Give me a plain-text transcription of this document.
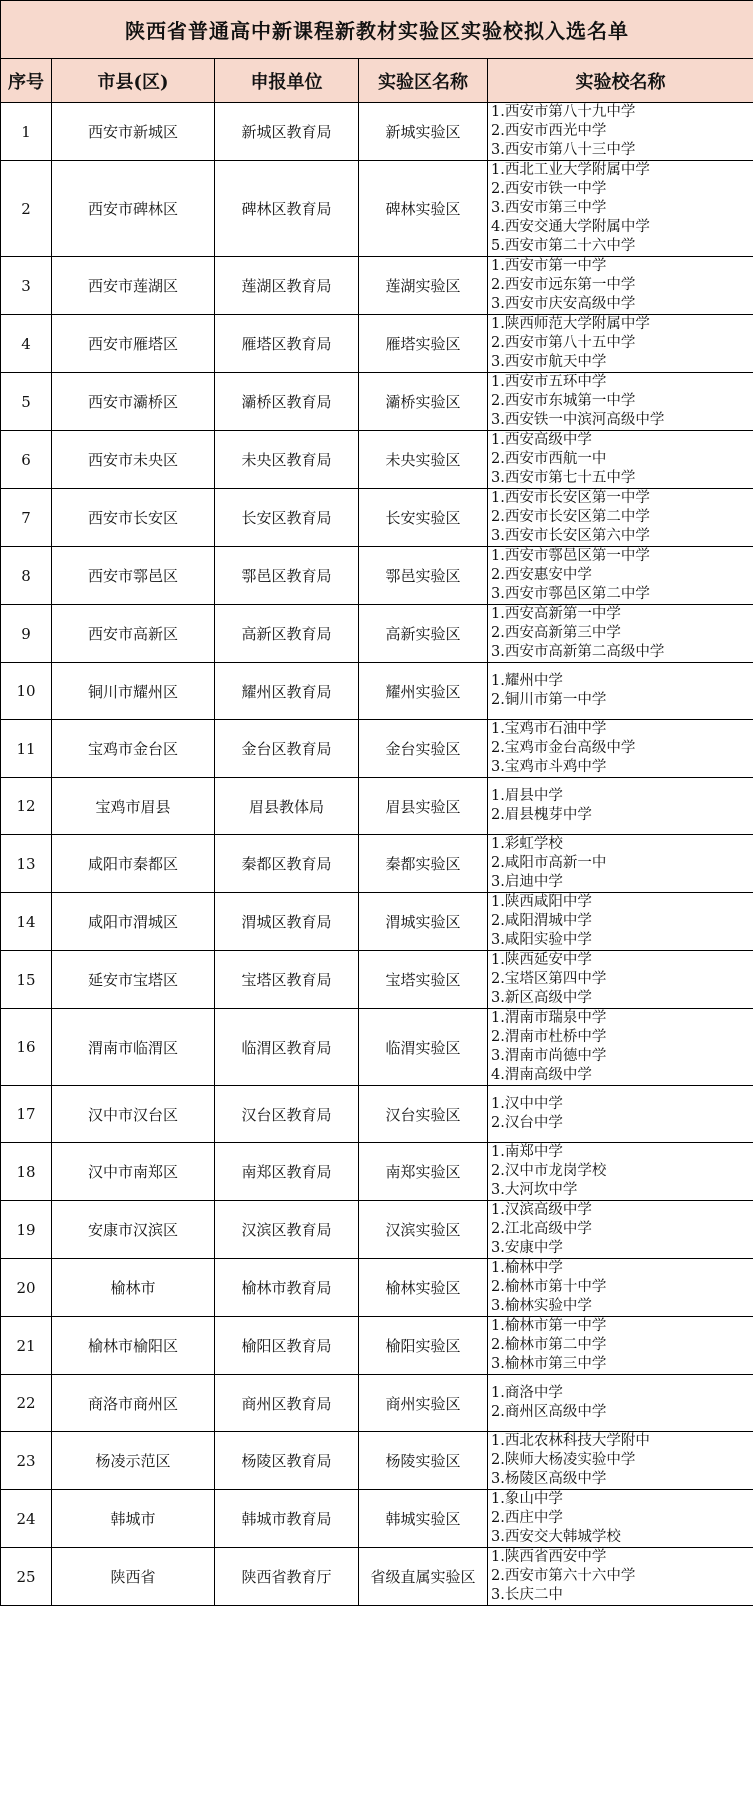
陕西省普通高中新课程新教材实验区实验校拟入选名单				
序号	市县(区)	申报单位	实验区名称	实验校名称
1	西安市新城区	新城区教育局	新城实验区	1.西安市第八十九中学
2.西安市西光中学
3.西安市第八十三中学

2	西安市碑林区	碑林区教育局	碑林实验区	1.西北工业大学附属中学
2.西安市铁一中学
3.西安市第三中学
4.西安交通大学附属中学
5.西安市第二十六中学

3	西安市莲湖区	莲湖区教育局	莲湖实验区	1.西安市第一中学
2.西安市远东第一中学
3.西安市庆安高级中学

4	西安市雁塔区	雁塔区教育局	雁塔实验区	1.陕西师范大学附属中学
2.西安市第八十五中学
3.西安市航天中学

5	西安市灞桥区	灞桥区教育局	灞桥实验区	1.西安市五环中学
2.西安市东城第一中学
3.西安铁一中滨河高级中学

6	西安市未央区	未央区教育局	未央实验区	1.西安高级中学
2.西安市西航一中
3.西安市第七十五中学

7	西安市长安区	长安区教育局	长安实验区	1.西安市长安区第一中学
2.西安市长安区第二中学
3.西安市长安区第六中学

8	西安市鄠邑区	鄠邑区教育局	鄠邑实验区	1.西安市鄠邑区第一中学
2.西安惠安中学
3.西安市鄠邑区第二中学

9	西安市高新区	高新区教育局	高新实验区	1.西安高新第一中学
2.西安高新第三中学
3.西安市高新第二高级中学

10	铜川市耀州区	耀州区教育局	耀州实验区	1.耀州中学
2.铜川市第一中学

11	宝鸡市金台区	金台区教育局	金台实验区	1.宝鸡市石油中学
2.宝鸡市金台高级中学
3.宝鸡市斗鸡中学

12	宝鸡市眉县	眉县教体局	眉县实验区	1.眉县中学
2.眉县槐芽中学

13	咸阳市秦都区	秦都区教育局	秦都实验区	1.彩虹学校
2.咸阳市高新一中
3.启迪中学

14	咸阳市渭城区	渭城区教育局	渭城实验区	1.陕西咸阳中学
2.咸阳渭城中学
3.咸阳实验中学

15	延安市宝塔区	宝塔区教育局	宝塔实验区	1.陕西延安中学
2.宝塔区第四中学
3.新区高级中学

16	渭南市临渭区	临渭区教育局	临渭实验区	1.渭南市瑞泉中学
2.渭南市杜桥中学
3.渭南市尚德中学
4.渭南高级中学

17	汉中市汉台区	汉台区教育局	汉台实验区	1.汉中中学
2.汉台中学

18	汉中市南郑区	南郑区教育局	南郑实验区	1.南郑中学
2.汉中市龙岗学校
3.大河坎中学

19	安康市汉滨区	汉滨区教育局	汉滨实验区	1.汉滨高级中学
2.江北高级中学
3.安康中学

20	榆林市	榆林市教育局	榆林实验区	1.榆林中学
2.榆林市第十中学
3.榆林实验中学

21	榆林市榆阳区	榆阳区教育局	榆阳实验区	1.榆林市第一中学
2.榆林市第二中学
3.榆林市第三中学

22	商洛市商州区	商州区教育局	商州实验区	1.商洛中学
2.商州区高级中学

23	杨凌示范区	杨陵区教育局	杨陵实验区	1.西北农林科技大学附中
2.陕师大杨凌实验中学
3.杨陵区高级中学

24	韩城市	韩城市教育局	韩城实验区	1.象山中学
2.西庄中学
3.西安交大韩城学校

25	陕西省	陕西省教育厅	省级直属实验区	1.陕西省西安中学
2.西安市第六十六中学
3.长庆二中
